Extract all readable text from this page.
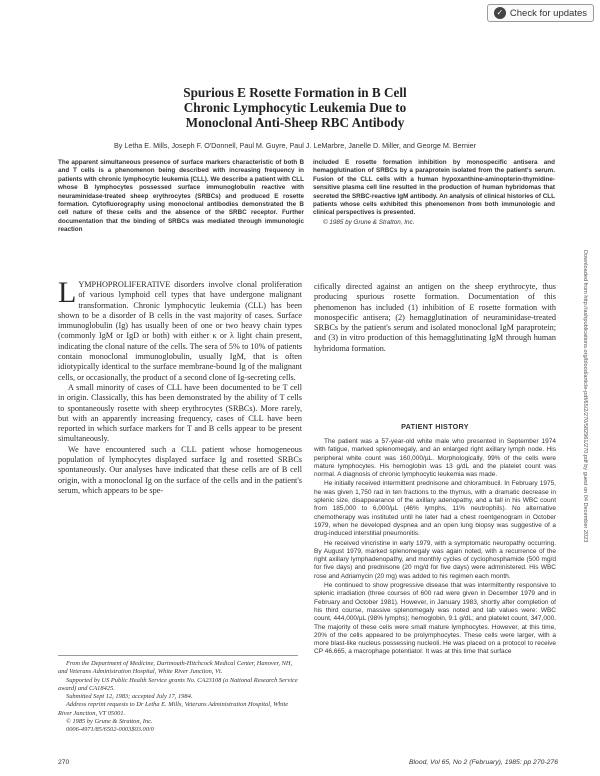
✓ Check for updates
Spurious E Rosette Formation in B Cell
Chronic Lymphocytic Leukemia Due to
Monoclonal Anti-Sheep RBC Antibody
By Letha E. Mills, Joseph F. O'Donnell, Paul M. Guyre, Paul J. LeMarbre, Janelle D. Miller, and George M. Bernier
The apparent simultaneous presence of surface markers characteristic of both B and T cells is a phenomenon being described with increasing frequency in patients with chronic lymphocytic leukemia (CLL). We describe a patient with CLL whose B lymphocytes possessed surface immunoglobulin reactive with neuraminidase-treated sheep erythrocytes (SRBCs) and produced E rosette formation. Cytofluorography using monoclonal antibodies demonstrated the B cell nature of these cells and the absence of the SRBC receptor. Further documentation that the binding of SRBCs was mediated through immunologic reaction
included E rosette formation inhibition by monospecific antisera and hemagglutination of SRBCs by a paraprotein isolated from the patient's serum. Fusion of the CLL cells with a human hypoxanthine-aminopterin-thymidine-sensitive plasma cell line resulted in the production of human hybridomas that secreted the SRBC-reactive IgM antibody. An analysis of clinical histories of CLL patients whose cells exhibited this phenomenon from both immunologic and clinical perspectives is presented.
© 1985 by Grune & Stratton, Inc.

LYMPHOPROLIFERATIVE disorders involve clonal proliferation of various lymphoid cell types that have undergone malignant transformation. Chronic lymphocytic leukemia (CLL) has been shown to be a disorder of B cells in the vast majority of cases. Surface immunoglobulin (Ig) has usually been of one or two heavy chain types (commonly IgM or IgD or both) with either κ or λ light chain present, indicating the clonal nature of the cells. The sera of 5% to 10% of patients contain monoclonal immunoglobulin, usually IgM, that is often idiotypically identical to the surface membrane-bound Ig of the malignant cells, or occasionally, the product of a second clone of Ig-secreting cells.

A small minority of cases of CLL have been documented to be T cell in origin. Classically, this has been demonstrated by the ability of T cells to spontaneously rosette with sheep erythrocytes (SRBCs). More rarely, but with an apparently increasing frequency, cases of CLL have been reported in which surface markers for T and B cells appear to be present simultaneously.

We have encountered such a CLL patient whose homogeneous population of lymphocytes displayed surface Ig and rosetted SRBCs spontaneously. Our analyses have indicated that these cells are of B cell origin, with a monoclonal Ig on the surface of the cells and in the patient's serum, which appears to be spe-

From the Department of Medicine, Dartmouth-Hitchcock Medical Center, Hanover, NH, and Veterans Administration Hospital, White River Junction, Vt.

Supported by US Public Health Service grants No. CA23108 (a National Research Service award) and CA18425.

Submitted Sept 12, 1983; accepted July 17, 1984.

Address reprint requests to Dr Letha E. Mills, Veterans Administration Hospital, White River Junction, VT 05001.

© 1985 by Grune & Stratton, Inc.

0006-4971/85/6502-0003$03.00/0

cifically directed against an antigen on the sheep erythrocyte, thus producing spurious rosette formation. Documentation of this phenomenon has included (1) inhibition of E rosette formation with monospecific antisera; (2) hemagglutination of neuraminidase-treated SRBCs by the patient's serum and isolated monoclonal IgM paraprotein; and (3) in vitro production of this hemagglutinating IgM through human hybridoma formation.

PATIENT HISTORY

The patient was a 57-year-old white male who presented in September 1974 with fatigue, marked splenomegaly, and an enlarged right axillary lymph node. His peripheral white count was 160,000/µL. Morphologically, 99% of the cells were mature lymphocytes. His hemoglobin was 13 g/dL and the platelet count was normal. A diagnosis of chronic lymphocytic leukemia was made.

He initially received intermittent prednisone and chlorambucil. In February 1975, he was given 1,750 rad in ten fractions to the thymus, with a dramatic decrease in splenic size, disappearance of the axillary adenopathy, and a fall in his WBC count from 185,000 to 6,000/µL (46% lymphs, 11% neutrophils). No alternative chemotherapy was instituted until he later had a chest roentgenogram in October 1979, when he developed dyspnea and an open lung biopsy was suggestive of a drug-induced interstitial pneumonitis.

He received vincristine in early 1979, with a symptomatic neuropathy occurring. By August 1979, marked splenomegaly was again noted, with a recurrence of the right axillary lymphadenopathy, and monthly cycles of cyclophosphamide (500 mg/d for five days) and prednisone (20 mg/d for five days) were administered. His WBC rose and Adriamycin (20 mg) was added to his regimen each month.

He continued to show progressive disease that was intermittently responsive to splenic irradiation (three courses of 600 rad were given in December 1979 and in February and October 1981). However, in January 1983, shortly after completion of his third course, massive splenomegaly was noted and lab values were: WBC count, 444,000/µL (98% lymphs); hemoglobin, 9.1 g/dL; and platelet count, 347,000. The majority of these cells were small mature lymphocytes. However, at this time, 20% of the cells appeared to be prolymphocytes. These cells were larger, with a more blast-like nucleus possessing nucleoli. He was placed on a protocol to receive CP 46.665, a macrophage potentiator. It was at this time that surface

270	Blood, Vol 65, No 2 (February), 1985: pp 270-276
Downloaded from http://ashpublications.org/blood/article-pdf/65/2/270/582961/270.pdf by guest on 04 December 2023
